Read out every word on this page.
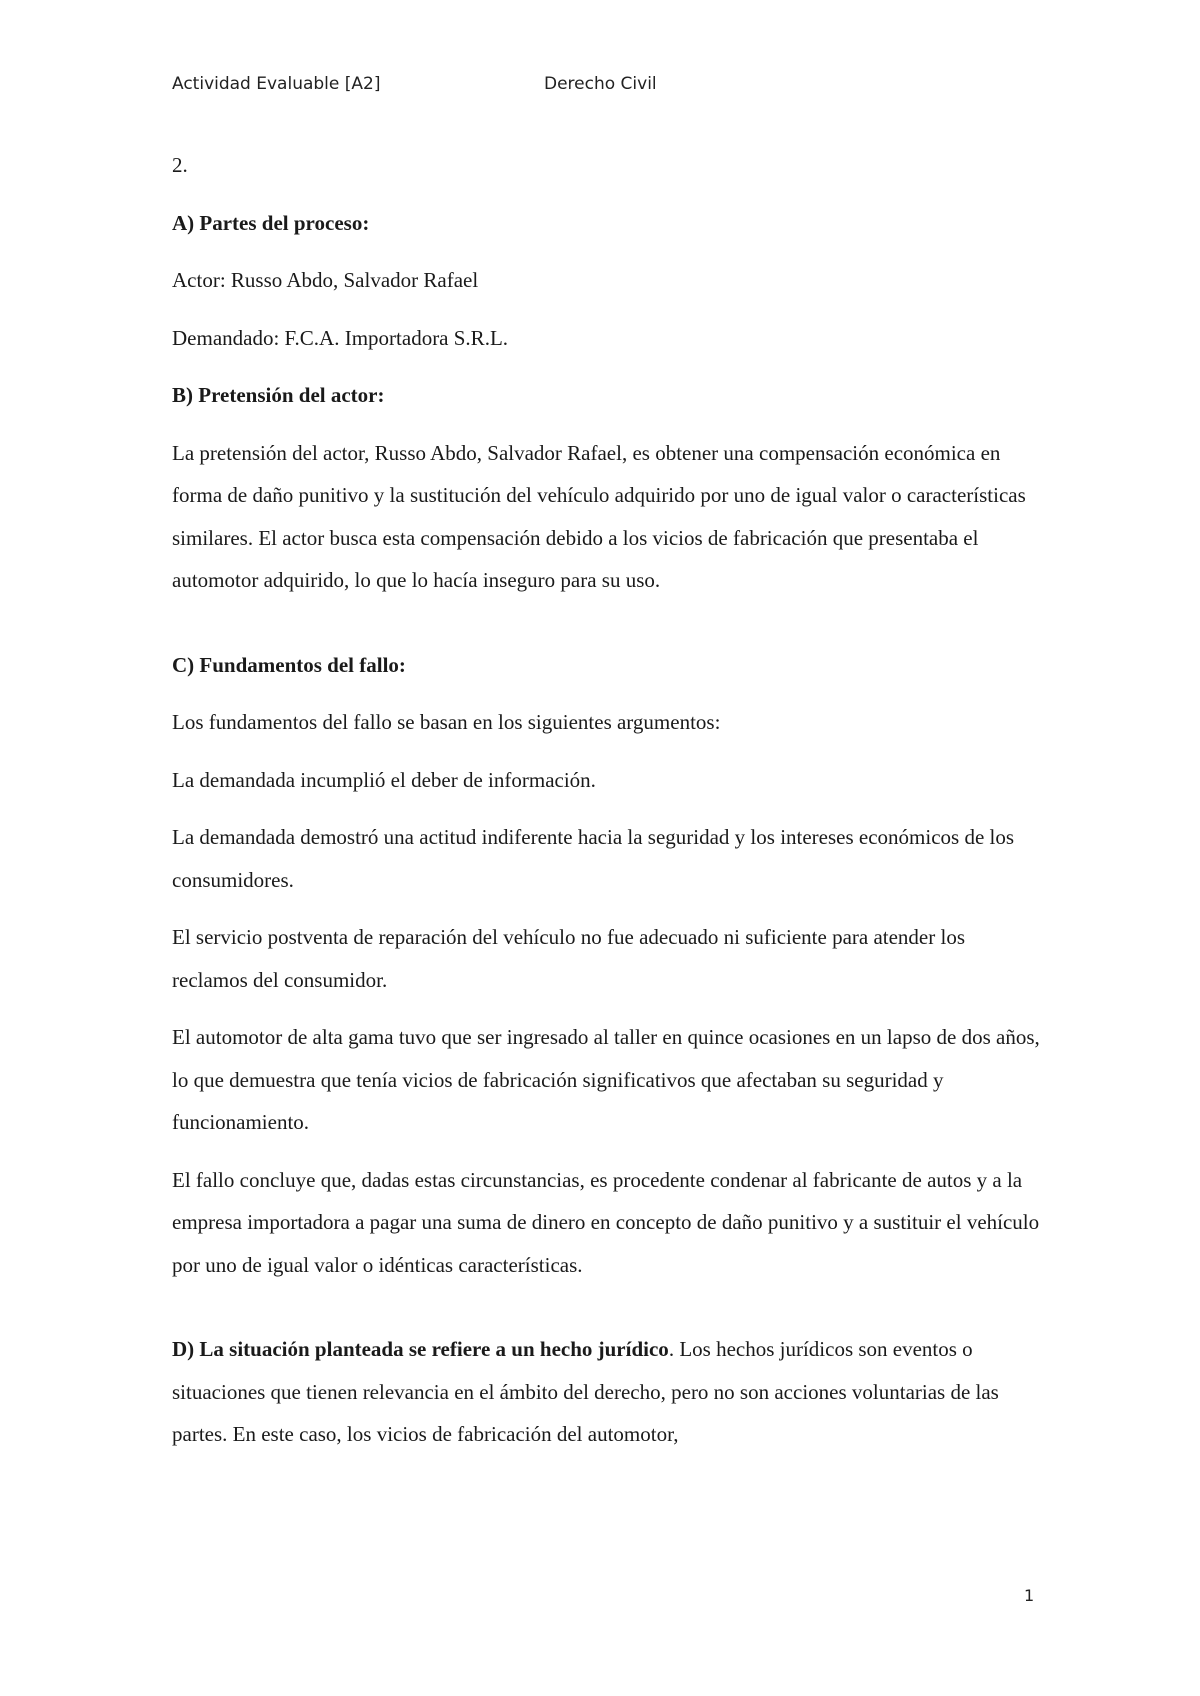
Actividad Evaluable [A2]	Derecho Civil

2.

A) Partes del proceso:

Actor: Russo Abdo, Salvador Rafael

Demandado: F.C.A. Importadora S.R.L.

B) Pretensión del actor:

La pretensión del actor, Russo Abdo, Salvador Rafael, es obtener una compensación económica en forma de daño punitivo y la sustitución del vehículo adquirido por uno de igual valor o características similares. El actor busca esta compensación debido a los vicios de fabricación que presentaba el automotor adquirido, lo que lo hacía inseguro para su uso.

C) Fundamentos del fallo:

Los fundamentos del fallo se basan en los siguientes argumentos:

La demandada incumplió el deber de información.

La demandada demostró una actitud indiferente hacia la seguridad y los intereses económicos de los consumidores.

El servicio postventa de reparación del vehículo no fue adecuado ni suficiente para atender los reclamos del consumidor.

El automotor de alta gama tuvo que ser ingresado al taller en quince ocasiones en un lapso de dos años, lo que demuestra que tenía vicios de fabricación significativos que afectaban su seguridad y funcionamiento.

El fallo concluye que, dadas estas circunstancias, es procedente condenar al fabricante de autos y a la empresa importadora a pagar una suma de dinero en concepto de daño punitivo y a sustituir el vehículo por uno de igual valor o idénticas características.

D) La situación planteada se refiere a un hecho jurídico. Los hechos jurídicos son eventos o situaciones que tienen relevancia en el ámbito del derecho, pero no son acciones voluntarias de las partes. En este caso, los vicios de fabricación del automotor,

1
